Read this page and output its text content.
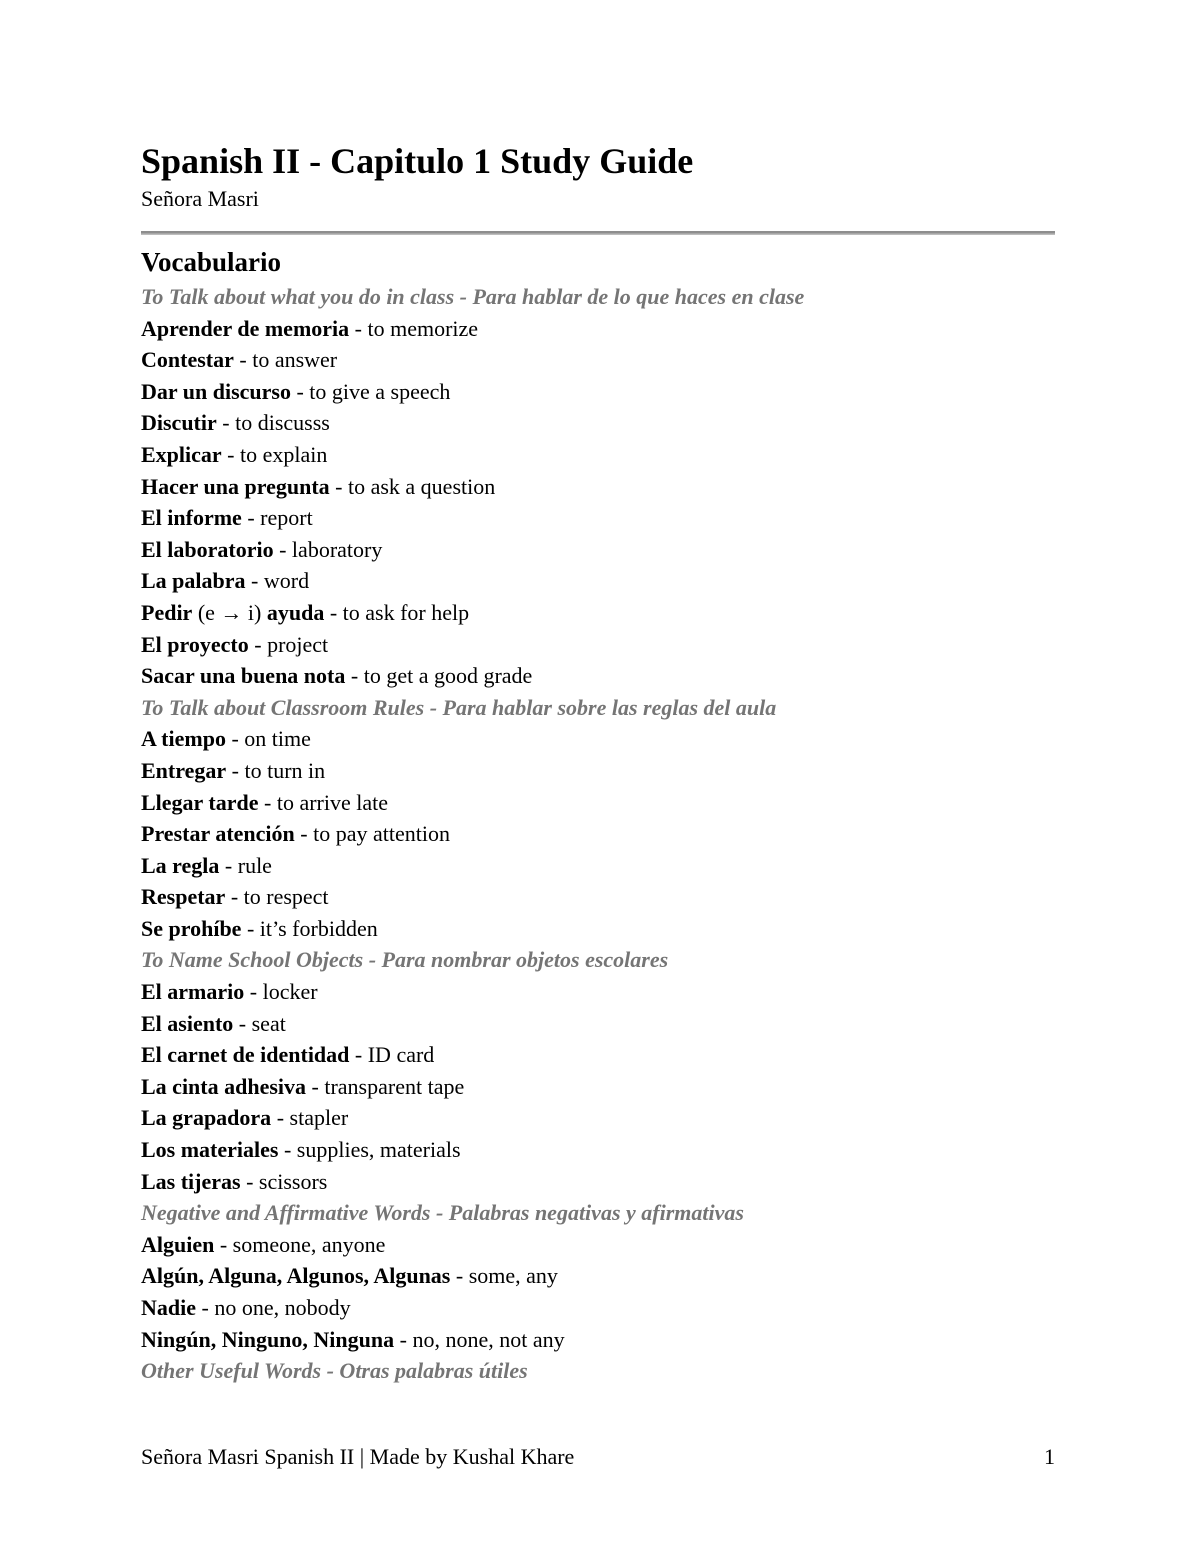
Spanish II - Capitulo 1 Study Guide
Señora Masri
Vocabulario
To Talk about what you do in class - Para hablar de lo que haces en clase
Aprender de memoria - to memorize
Contestar - to answer
Dar un discurso - to give a speech
Discutir - to discusss
Explicar - to explain
Hacer una pregunta - to ask a question
El informe - report
El laboratorio - laboratory
La palabra - word
Pedir (e → i) ayuda - to ask for help
El proyecto - project
Sacar una buena nota - to get a good grade
To Talk about Classroom Rules - Para hablar sobre las reglas del aula
A tiempo - on time
Entregar - to turn in
Llegar tarde - to arrive late
Prestar atención - to pay attention
La regla - rule
Respetar - to respect
Se prohíbe - it’s forbidden
To Name School Objects - Para nombrar objetos escolares
El armario - locker
El asiento - seat
El carnet de identidad - ID card
La cinta adhesiva - transparent tape
La grapadora - stapler
Los materiales - supplies, materials
Las tijeras - scissors
Negative and Affirmative Words - Palabras negativas y afirmativas
Alguien - someone, anyone
Algún, Alguna, Algunos, Algunas - some, any
Nadie - no one, nobody
Ningún, Ninguno, Ninguna - no, none, not any
Other Useful Words - Otras palabras útiles
Señora Masri Spanish II | Made by Kushal Khare	1
